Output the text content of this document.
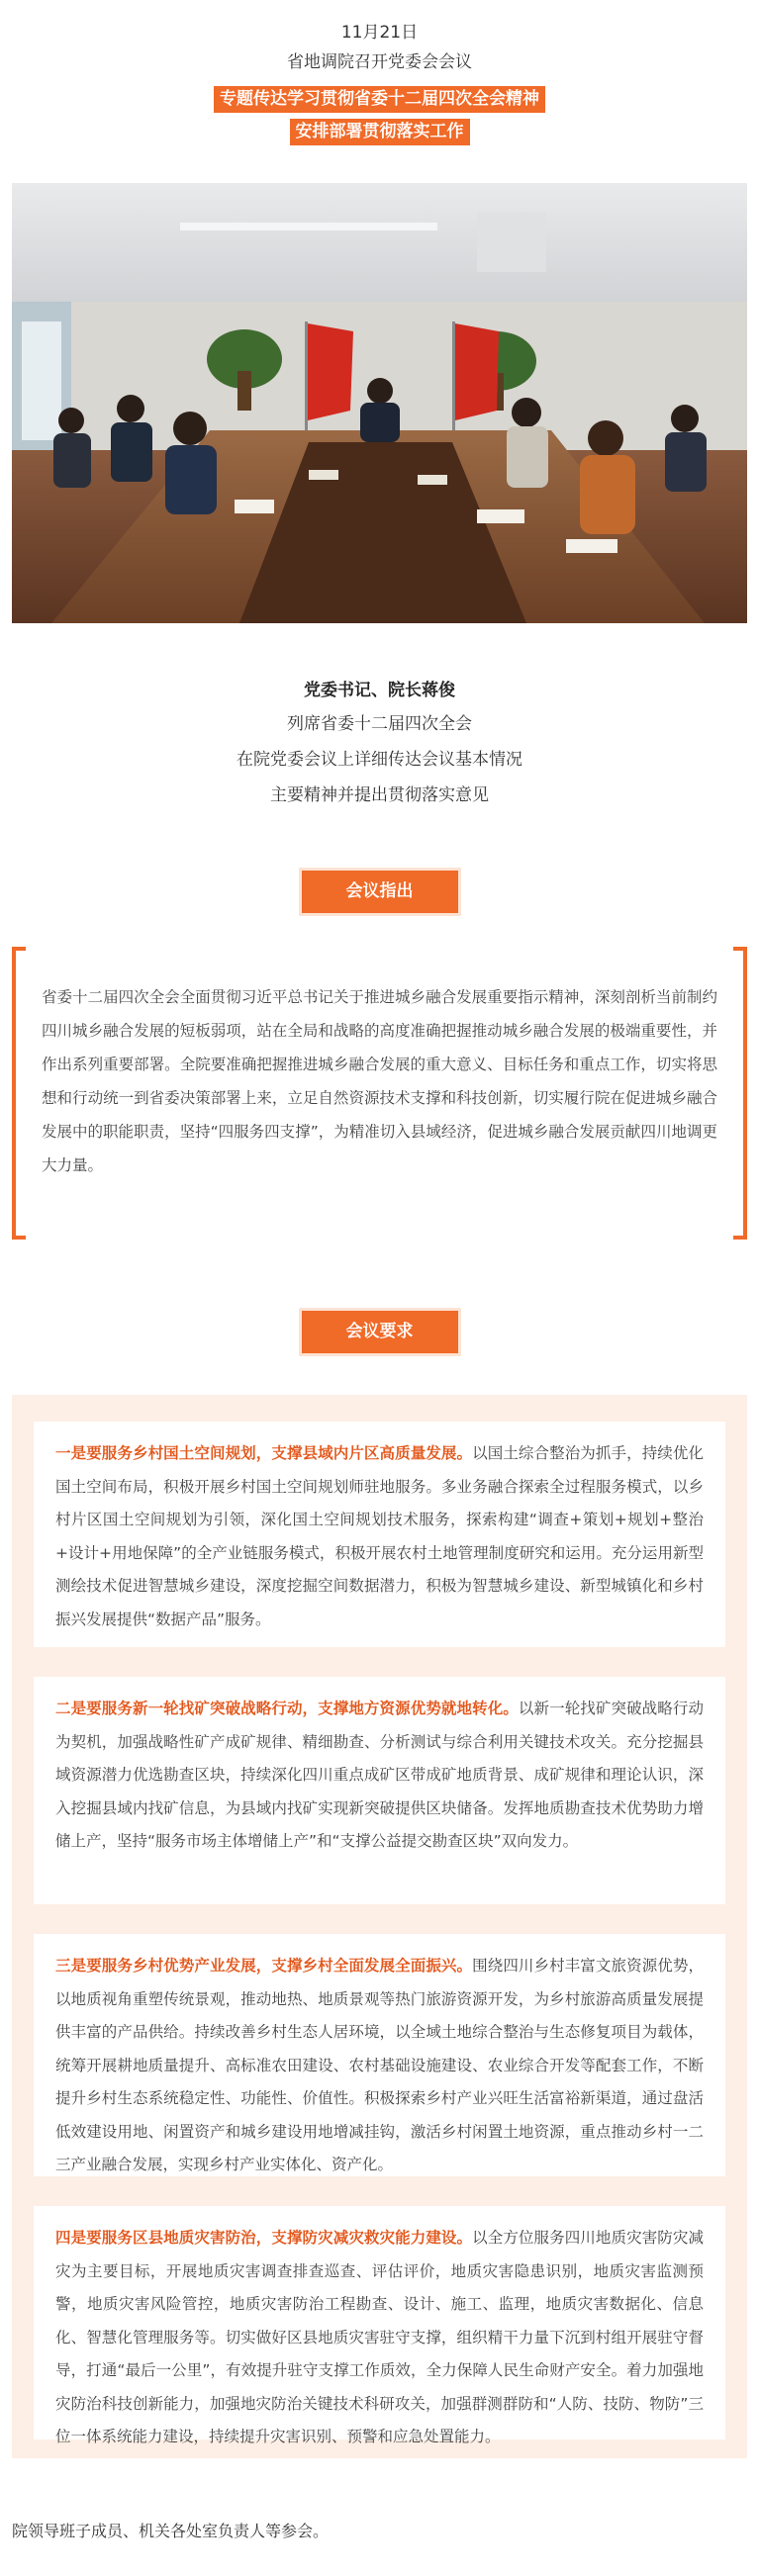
11月21日
省地调院召开党委会会议
专题传达学习贯彻省委十二届四次全会精神
安排部署贯彻落实工作
党委书记、院长蒋俊
列席省委十二届四次全会
在院党委会议上详细传达会议基本情况
主要精神并提出贯彻落实意见
会议指出

省委十二届四次全会全面贯彻习近平总书记关于推进城乡融合发展重要指示精神，深刻剖析当前制约四川城乡融合发展的短板弱项，站在全局和战略的高度准确把握推动城乡融合发展的极端重要性，并作出系列重要部署。全院要准确把握推进城乡融合发展的重大意义、目标任务和重点工作，切实将思想和行动统一到省委决策部署上来，立足自然资源技术支撑和科技创新，切实履行院在促进城乡融合发展中的职能职责，坚持“四服务四支撑”，为精准切入县域经济，促进城乡融合发展贡献四川地调更大力量。

会议要求

一是要服务乡村国土空间规划，支撑县域内片区高质量发展。以国土综合整治为抓手，持续优化国土空间布局，积极开展乡村国土空间规划师驻地服务。多业务融合探索全过程服务模式，以乡村片区国土空间规划为引领，深化国土空间规划技术服务，探索构建“调查+策划+规划+整治+设计+用地保障”的全产业链服务模式，积极开展农村土地管理制度研究和运用。充分运用新型测绘技术促进智慧城乡建设，深度挖掘空间数据潜力，积极为智慧城乡建设、新型城镇化和乡村振兴发展提供“数据产品”服务。

二是要服务新一轮找矿突破战略行动，支撑地方资源优势就地转化。以新一轮找矿突破战略行动为契机，加强战略性矿产成矿规律、精细勘查、分析测试与综合利用关键技术攻关。充分挖掘县域资源潜力优选勘查区块，持续深化四川重点成矿区带成矿地质背景、成矿规律和理论认识，深入挖掘县域内找矿信息，为县域内找矿实现新突破提供区块储备。发挥地质勘查技术优势助力增储上产，坚持“服务市场主体增储上产”和“支撑公益提交勘查区块”双向发力。

三是要服务乡村优势产业发展，支撑乡村全面发展全面振兴。围绕四川乡村丰富文旅资源优势，以地质视角重塑传统景观，推动地热、地质景观等热门旅游资源开发，为乡村旅游高质量发展提供丰富的产品供给。持续改善乡村生态人居环境，以全域土地综合整治与生态修复项目为载体，统筹开展耕地质量提升、高标准农田建设、农村基础设施建设、农业综合开发等配套工作，不断提升乡村生态系统稳定性、功能性、价值性。积极探索乡村产业兴旺生活富裕新渠道，通过盘活低效建设用地、闲置资产和城乡建设用地增减挂钩，激活乡村闲置土地资源，重点推动乡村一二三产业融合发展，实现乡村产业实体化、资产化。

四是要服务区县地质灾害防治，支撑防灾减灾救灾能力建设。以全方位服务四川地质灾害防灾减灾为主要目标，开展地质灾害调查排查巡查、评估评价，地质灾害隐患识别，地质灾害监测预警，地质灾害风险管控，地质灾害防治工程勘查、设计、施工、监理，地质灾害数据化、信息化、智慧化管理服务等。切实做好区县地质灾害驻守支撑，组织精干力量下沉到村组开展驻守督导，打通“最后一公里”，有效提升驻守支撑工作质效，全力保障人民生命财产安全。着力加强地灾防治科技创新能力，加强地灾防治关键技术科研攻关，加强群测群防和“人防、技防、物防”三位一体系统能力建设，持续提升灾害识别、预警和应急处置能力。

院领导班子成员、机关各处室负责人等参会。
